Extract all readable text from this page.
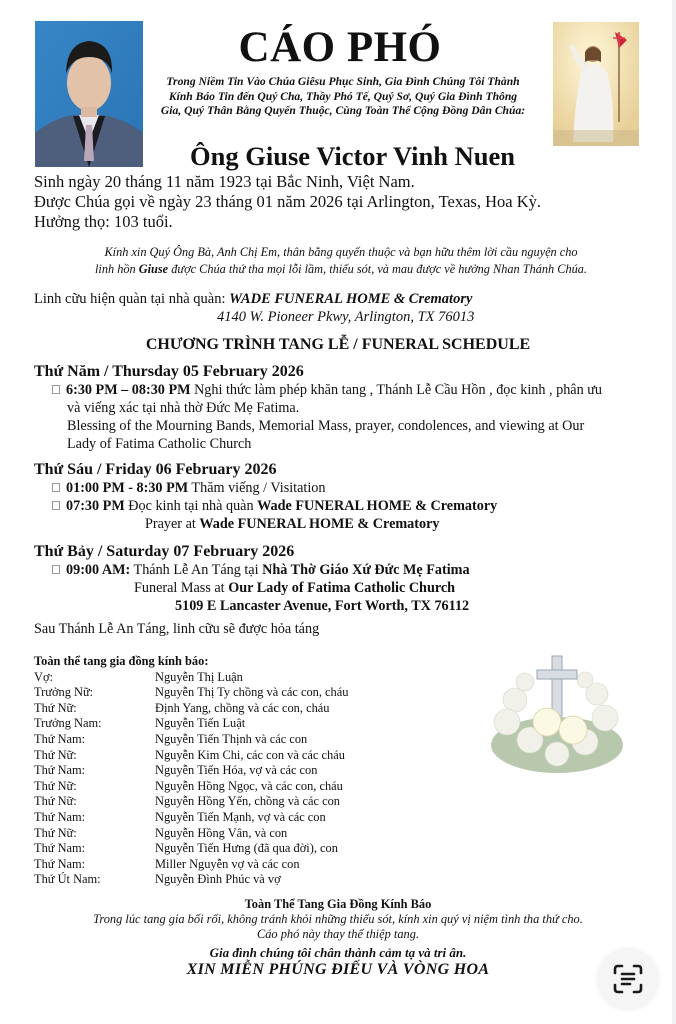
CÁO PHÓ
Trong Niềm Tin Vào Chúa Giêsu Phục Sinh, Gia Đình Chúng Tôi Thành Kính Báo Tin đến Quý Cha, Thầy Phó Tế, Quý Sơ, Quý Gia Đình Thông Gia, Quý Thân Bằng Quyến Thuộc, Cùng Toàn Thể Cộng Đồng Dân Chúa:
Ông Giuse Victor Vinh Nuen
Sinh ngày 20 tháng 11 năm 1923 tại Bắc Ninh, Việt Nam.
Được Chúa gọi về ngày 23 tháng 01 năm 2026 tại Arlington, Texas, Hoa Kỳ.
Hưởng thọ: 103 tuổi.
Kính xin Quý Ông Bà, Anh Chị Em, thân bằng quyến thuộc và bạn hữu thêm lời cầu nguyện cho
linh hồn Giuse được Chúa thứ tha mọi lỗi lầm, thiếu sót, và mau được về hưởng Nhan Thánh Chúa.
Linh cữu hiện quàn tại nhà quàn: WADE FUNERAL HOME & Crematory
4140 W. Pioneer Pkwy, Arlington, TX 76013
CHƯƠNG TRÌNH TANG LỄ / FUNERAL SCHEDULE
Thứ Năm / Thursday 05 February 2026
6:30 PM – 08:30 PM Nghi thức làm phép khăn tang , Thánh Lễ Cầu Hồn , đọc kinh , phân ưu
và viếng xác tại nhà thờ Đức Mẹ Fatima.
Blessing of the Mourning Bands, Memorial Mass, prayer, condolences, and viewing at Our
Lady of Fatima Catholic Church
Thứ Sáu / Friday 06 February 2026
01:00 PM - 8:30 PM Thăm viếng / Visitation
07:30 PM Đọc kinh tại nhà quàn Wade FUNERAL HOME & Crematory
Prayer at Wade FUNERAL HOME & Crematory
Thứ Bảy / Saturday 07 February 2026
09:00 AM: Thánh Lễ An Táng tại Nhà Thờ Giáo Xứ Đức Mẹ Fatima
Funeral Mass at Our Lady of Fatima Catholic Church
5109 E Lancaster Avenue, Fort Worth, TX 76112
Sau Thánh Lễ An Táng, linh cữu sẽ được hỏa táng
Toàn thể tang gia đồng kính báo:
Vợ:	Nguyễn Thị Luận
Trưởng Nữ:	Nguyễn Thị Ty chồng và các con, cháu
Thứ Nữ:	Định Yang, chồng và các con, cháu
Trưởng Nam:	Nguyễn Tiến Luật
Thứ Nam:	Nguyễn Tiến Thịnh và các con
Thứ Nữ:	Nguyễn Kim Chi, các con và các cháu
Thứ Nam:	Nguyễn Tiến Hóa, vợ và các con
Thứ Nữ:	Nguyễn Hồng Ngọc, và các con, cháu
Thứ Nữ:	Nguyễn Hồng Yến, chồng và các con
Thứ Nam:	Nguyễn Tiến Mạnh, vợ và các con
Thứ Nữ:	Nguyễn Hồng Vân, và con
Thứ Nam:	Nguyễn Tiến Hưng (đã qua đời), con
Thứ Nam:	Miller Nguyễn vợ và các con
Thứ Út Nam:	Nguyễn Đình Phúc và vợ
Toàn Thể Tang Gia Đồng Kính Báo
Trong lúc tang gia bối rối, không tránh khỏi những thiếu sót, kính xin quý vị niệm tình tha thứ cho.
Cáo phó này thay thế thiệp tang.
Gia đình chúng tôi chân thành cảm tạ và tri ân.
XIN MIỄN PHÚNG ĐIẾU VÀ VÒNG HOA
